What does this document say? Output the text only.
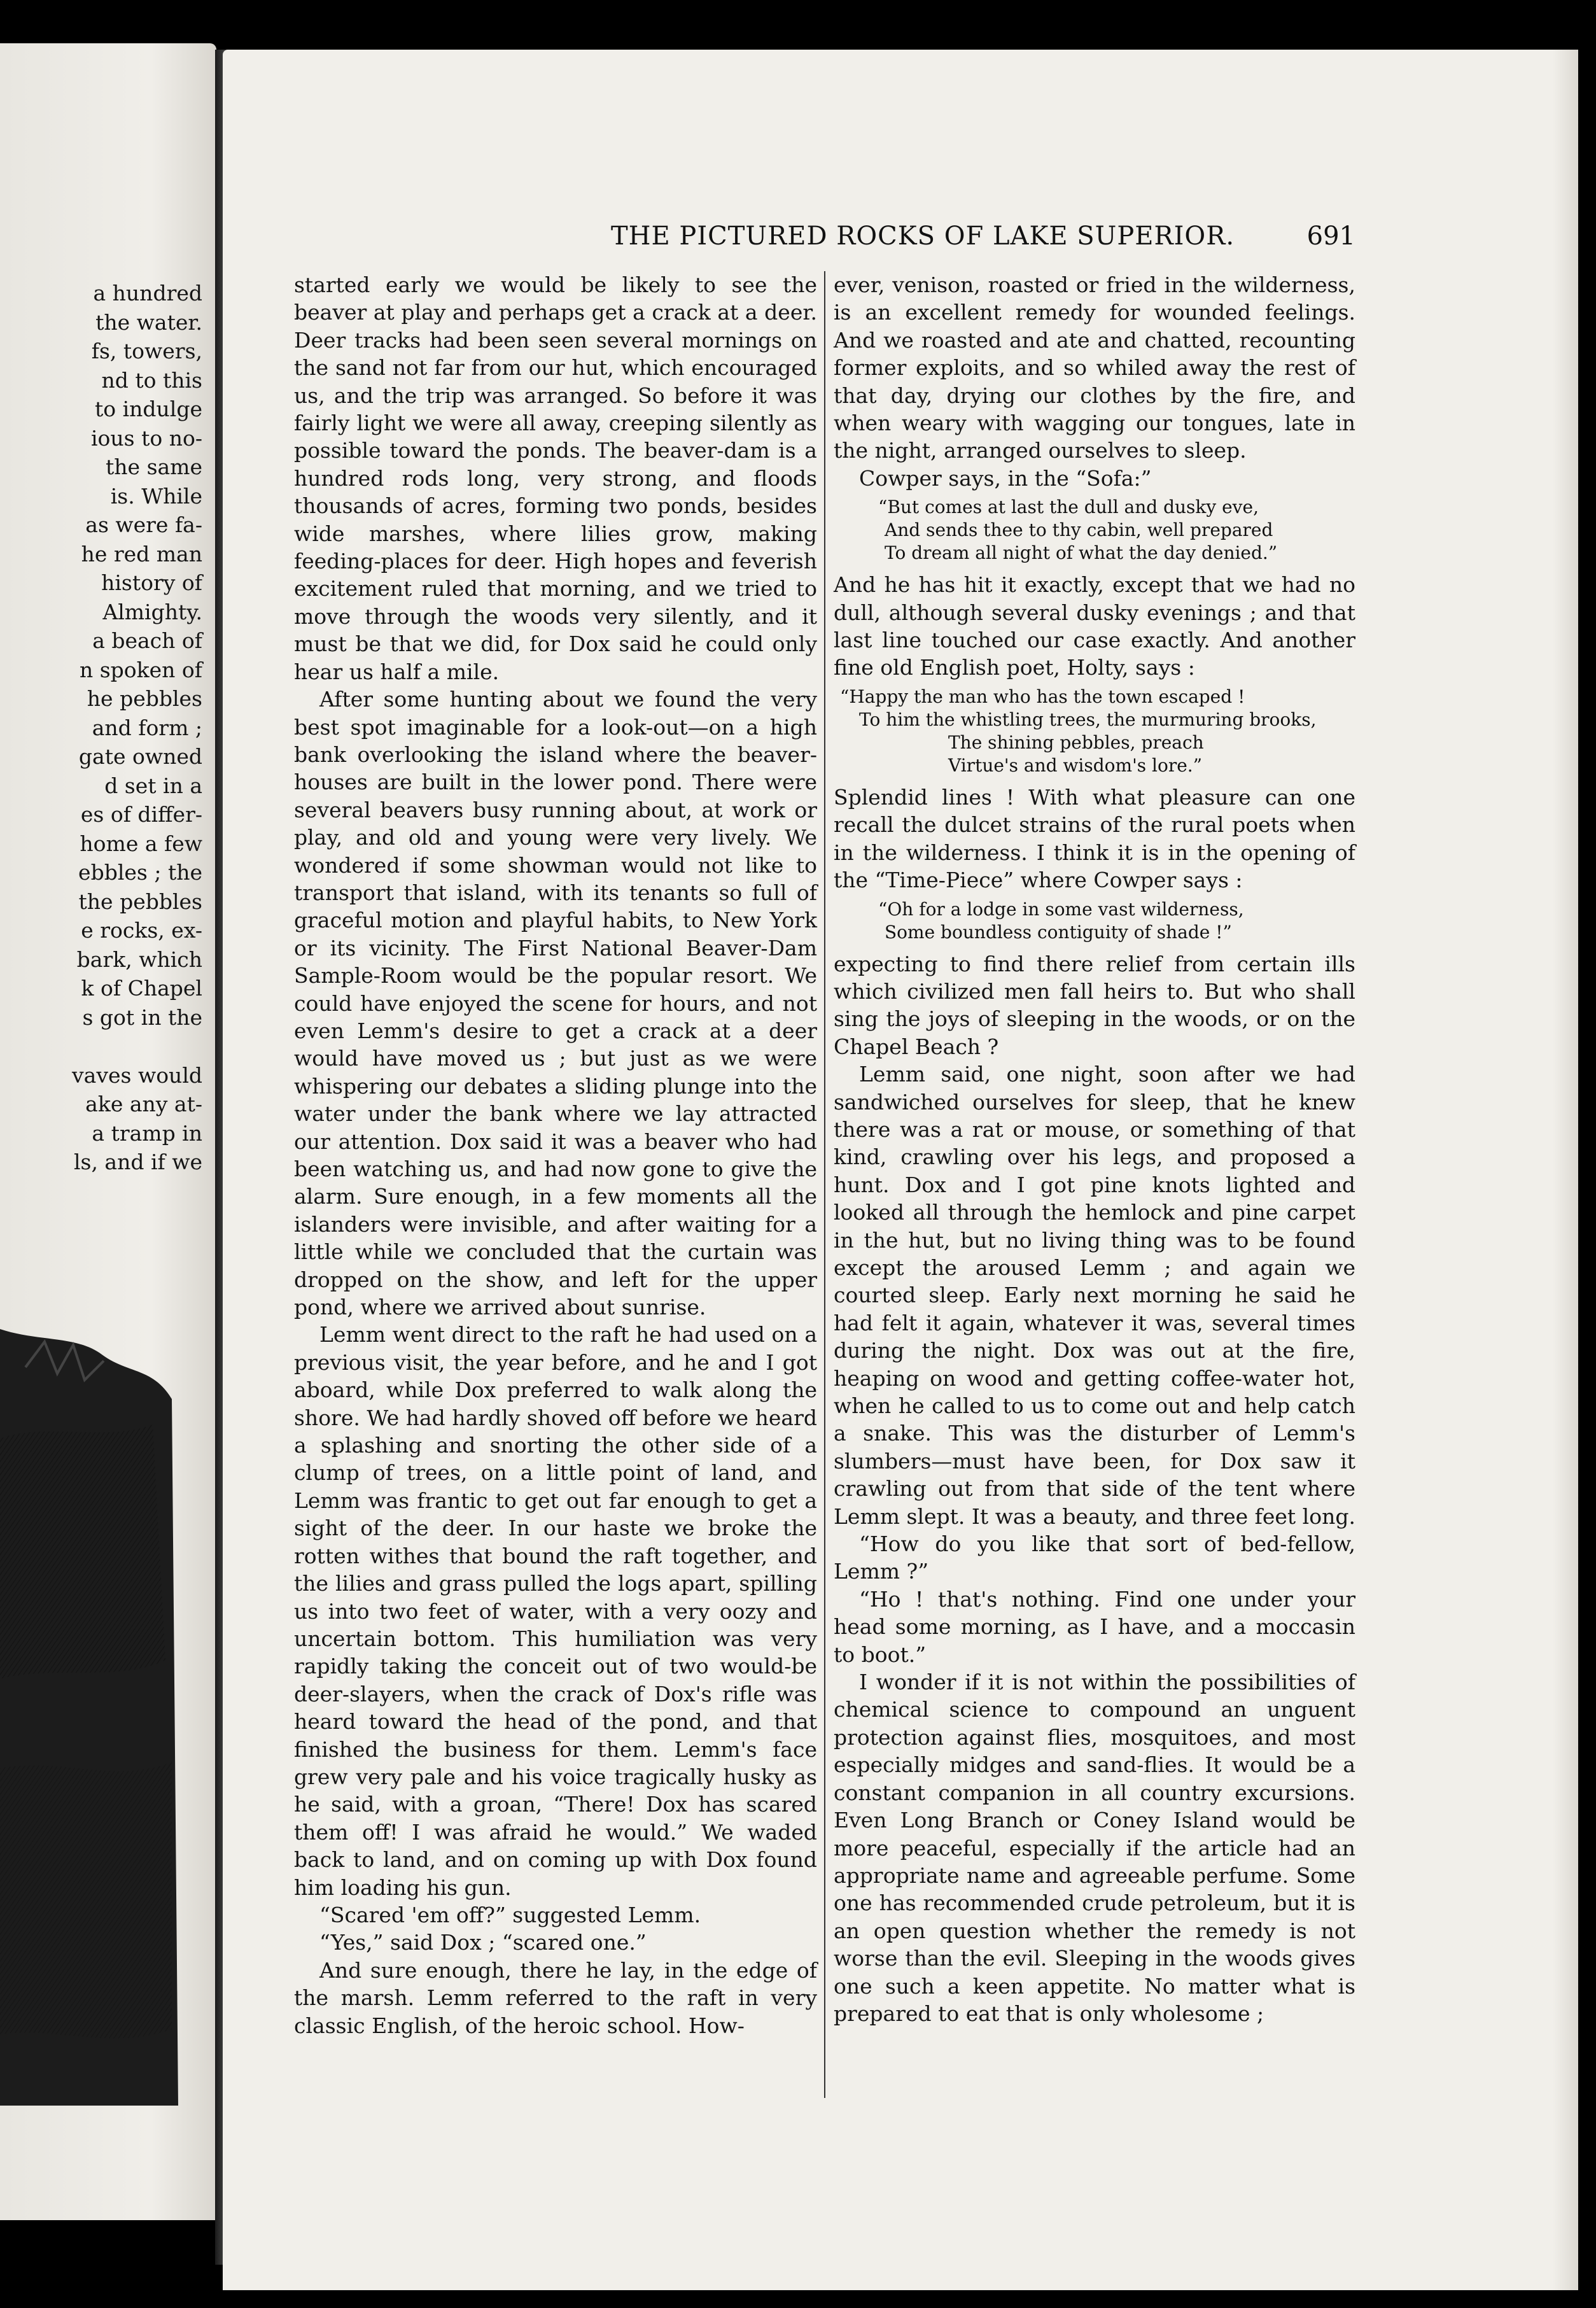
a hundred
the water.
fs, towers,
nd to this
to indulge
ious to no-
the same
is. While
as were fa-
he red man
history of
Almighty.
a beach of
n spoken of
he pebbles
and form ;
gate owned
d set in a
es of differ-
home a few
ebbles ; the
the pebbles
e rocks, ex-
bark, which
k of Chapel
s got in the
vaves would
ake any at-
a tramp in
ls, and if we
THE PICTURED ROCKS OF LAKE SUPERIOR.	691

started early we would be likely to see the beaver at play and perhaps get a crack at a deer. Deer tracks had been seen several mornings on the sand not far from our hut, which encouraged us, and the trip was arranged. So before it was fairly light we were all away, creeping silently as possible toward the ponds. The beaver-dam is a hundred rods long, very strong, and floods thousands of acres, forming two ponds, besides wide marshes, where lilies grow, making feeding-places for deer. High hopes and feverish excitement ruled that morning, and we tried to move through the woods very silently, and it must be that we did, for Dox said he could only hear us half a mile.

After some hunting about we found the very best spot imaginable for a look-out—on a high bank overlooking the island where the beaver-houses are built in the lower pond. There were several beavers busy running about, at work or play, and old and young were very lively. We wondered if some showman would not like to transport that island, with its tenants so full of graceful motion and playful habits, to New York or its vicinity. The First National Beaver-Dam Sample-Room would be the popular resort. We could have enjoyed the scene for hours, and not even Lemm's desire to get a crack at a deer would have moved us ; but just as we were whispering our debates a sliding plunge into the water under the bank where we lay attracted our attention. Dox said it was a beaver who had been watching us, and had now gone to give the alarm. Sure enough, in a few moments all the islanders were invisible, and after waiting for a little while we concluded that the curtain was dropped on the show, and left for the upper pond, where we arrived about sunrise.

Lemm went direct to the raft he had used on a previous visit, the year before, and he and I got aboard, while Dox preferred to walk along the shore. We had hardly shoved off before we heard a splashing and snorting the other side of a clump of trees, on a little point of land, and Lemm was frantic to get out far enough to get a sight of the deer. In our haste we broke the rotten withes that bound the raft together, and the lilies and grass pulled the logs apart, spilling us into two feet of water, with a very oozy and uncertain bottom. This humiliation was very rapidly taking the conceit out of two would-be deer-slayers, when the crack of Dox's rifle was heard toward the head of the pond, and that finished the business for them. Lemm's face grew very pale and his voice tragically husky as he said, with a groan, “There! Dox has scared them off! I was afraid he would.” We waded back to land, and on coming up with Dox found him loading his gun.

“Scared 'em off?” suggested Lemm.

“Yes,” said Dox ; “scared one.”

And sure enough, there he lay, in the edge of the marsh. Lemm referred to the raft in very classic English, of the heroic school. How-

ever, venison, roasted or fried in the wilderness, is an excellent remedy for wounded feelings. And we roasted and ate and chatted, recounting former exploits, and so whiled away the rest of that day, drying our clothes by the fire, and when weary with wagging our tongues, late in the night, arranged ourselves to sleep.

Cowper says, in the “Sofa:”

“But comes at last the dull and dusky eve,
And sends thee to thy cabin, well prepared
To dream all night of what the day denied.”

And he has hit it exactly, except that we had no dull, although several dusky evenings ; and that last line touched our case exactly. And another fine old English poet, Holty, says :

“Happy the man who has the town escaped !
To him the whistling trees, the murmuring brooks,
The shining pebbles, preach
Virtue's and wisdom's lore.”

Splendid lines ! With what pleasure can one recall the dulcet strains of the rural poets when in the wilderness. I think it is in the opening of the “Time-Piece” where Cowper says :

“Oh for a lodge in some vast wilderness,
Some boundless contiguity of shade !”

expecting to find there relief from certain ills which civilized men fall heirs to. But who shall sing the joys of sleeping in the woods, or on the Chapel Beach ?

Lemm said, one night, soon after we had sandwiched ourselves for sleep, that he knew there was a rat or mouse, or something of that kind, crawling over his legs, and proposed a hunt. Dox and I got pine knots lighted and looked all through the hemlock and pine carpet in the hut, but no living thing was to be found except the aroused Lemm ; and again we courted sleep. Early next morning he said he had felt it again, whatever it was, several times during the night. Dox was out at the fire, heaping on wood and getting coffee-water hot, when he called to us to come out and help catch a snake. This was the disturber of Lemm's slumbers—must have been, for Dox saw it crawling out from that side of the tent where Lemm slept. It was a beauty, and three feet long.

“How do you like that sort of bed-fellow, Lemm ?”

“Ho ! that's nothing. Find one under your head some morning, as I have, and a moccasin to boot.”

I wonder if it is not within the possibilities of chemical science to compound an unguent protection against flies, mosquitoes, and most especially midges and sand-flies. It would be a constant companion in all country excursions. Even Long Branch or Coney Island would be more peaceful, especially if the article had an appropriate name and agreeable perfume. Some one has recommended crude petroleum, but it is an open question whether the remedy is not worse than the evil. Sleeping in the woods gives one such a keen appetite. No matter what is prepared to eat that is only wholesome ;
